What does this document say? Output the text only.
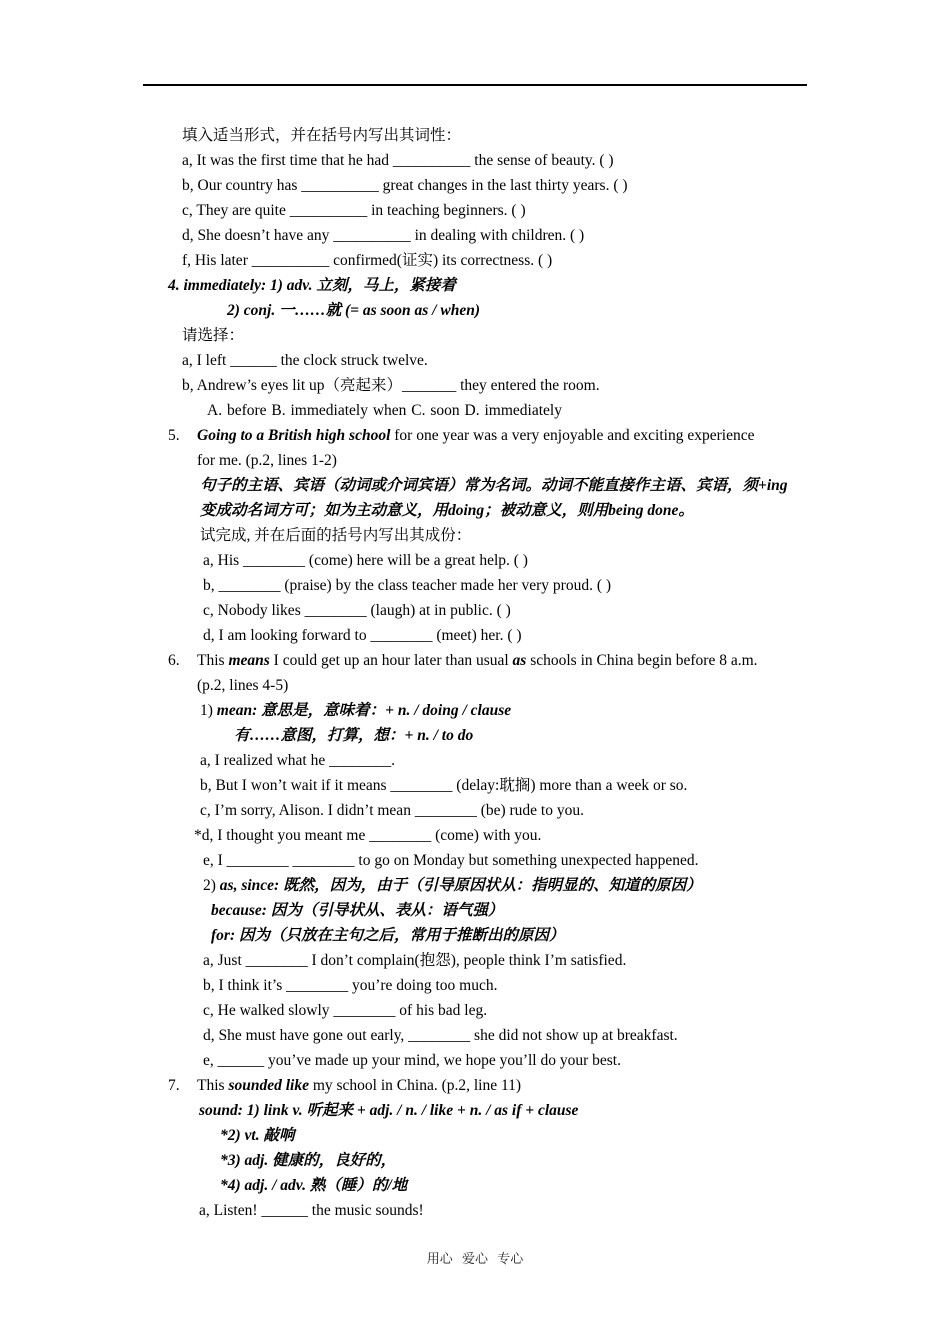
填入适当形式，并在括号内写出其词性：
a, It was the first time that he had __________ the sense of beauty. ( )
b, Our country has __________ great changes in the last thirty years. ( )
c, They are quite __________ in teaching beginners. ( )
d, She doesn’t have any __________ in dealing with children. ( )
f, His later __________ confirmed(证实) its correctness. ( )
4. immediately: 1) adv. 立刻，马上，紧接着
2) conj. 一……就 (= as soon as / when)
请选择：
a, I left ______ the clock struck twelve.
b, Andrew’s eyes lit up（亮起来）_______ they entered the room.
A. before B. immediately when C. soon D. immediately
5. Going to a British high school for one year was a very enjoyable and exciting experience
for me. (p.2, lines 1-2)
句子的主语、宾语（动词或介词宾语）常为名词。动词不能直接作主语、宾语，须+ing
变成动名词方可；如为主动意义，用doing；被动意义，则用being done。
试完成, 并在后面的括号内写出其成份：
a, His ________ (come) here will be a great help. ( )
b, ________ (praise) by the class teacher made her very proud. ( )
c, Nobody likes ________ (laugh) at in public. ( )
d, I am looking forward to ________ (meet) her. ( )
6. This means I could get up an hour later than usual as schools in China begin before 8 a.m.
(p.2, lines 4-5)
1) mean: 意思是，意味着：+ n. / doing / clause
有……意图，打算，想：+ n. / to do
a, I realized what he ________.
b, But I won’t wait if it means ________ (delay:耽搁) more than a week or so.
c, I’m sorry, Alison. I didn’t mean ________ (be) rude to you.
*d, I thought you meant me ________ (come) with you.
e, I ________ ________ to go on Monday but something unexpected happened.
2) as, since: 既然，因为，由于（引导原因状从：指明显的、知道的原因）
because: 因为（引导状从、表从：语气强）
for: 因为（只放在主句之后，常用于推断出的原因）
a, Just ________ I don’t complain(抱怨), people think I’m satisfied.
b, I think it’s ________ you’re doing too much.
c, He walked slowly ________ of his bad leg.
d, She must have gone out early, ________ she did not show up at breakfast.
e, ______ you’ve made up your mind, we hope you’ll do your best.
7. This sounded like my school in China. (p.2, line 11)
sound: 1) link v. 听起来 + adj. / n. / like + n. / as if + clause
*2) vt. 敲响
*3) adj. 健康的，良好的，
*4) adj. / adv. 熟（睡）的/地
a, Listen! ______ the music sounds!
用心 爱心 专心
